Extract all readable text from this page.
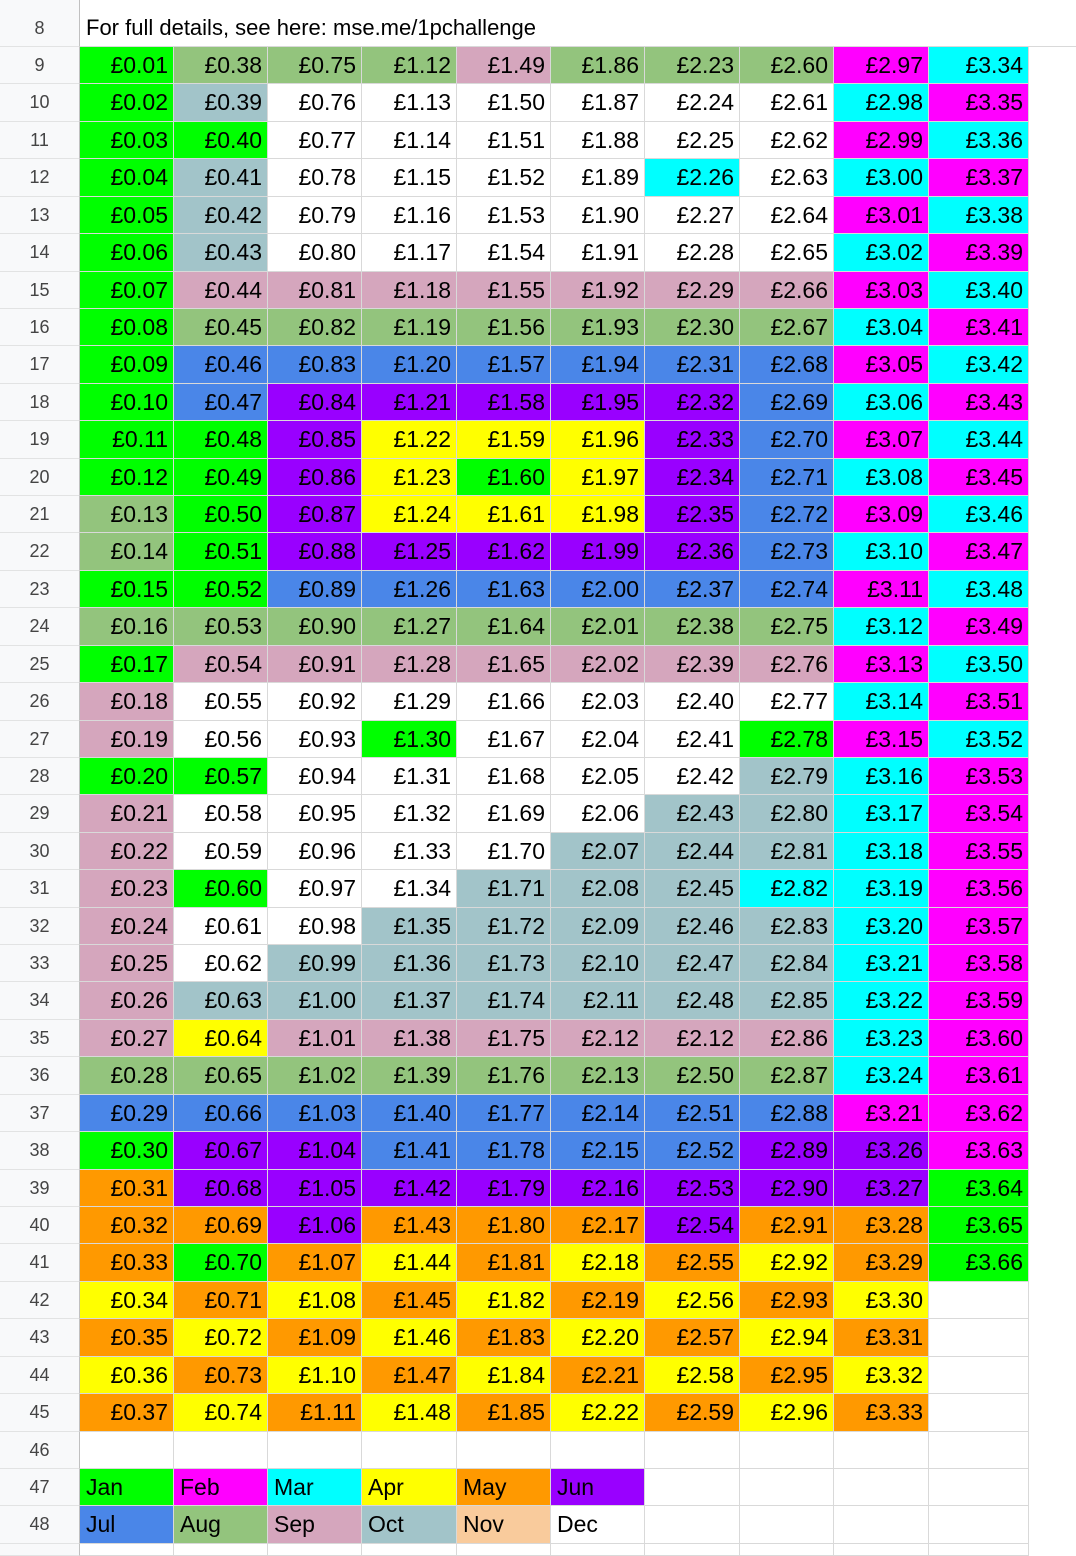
8	For full details, see here: mse.me/1pchallenge
9	£0.01	£0.38	£0.75	£1.12	£1.49	£1.86	£2.23	£2.60	£2.97	£3.34
10	£0.02	£0.39	£0.76	£1.13	£1.50	£1.87	£2.24	£2.61	£2.98	£3.35
11	£0.03	£0.40	£0.77	£1.14	£1.51	£1.88	£2.25	£2.62	£2.99	£3.36
12	£0.04	£0.41	£0.78	£1.15	£1.52	£1.89	£2.26	£2.63	£3.00	£3.37
13	£0.05	£0.42	£0.79	£1.16	£1.53	£1.90	£2.27	£2.64	£3.01	£3.38
14	£0.06	£0.43	£0.80	£1.17	£1.54	£1.91	£2.28	£2.65	£3.02	£3.39
15	£0.07	£0.44	£0.81	£1.18	£1.55	£1.92	£2.29	£2.66	£3.03	£3.40
16	£0.08	£0.45	£0.82	£1.19	£1.56	£1.93	£2.30	£2.67	£3.04	£3.41
17	£0.09	£0.46	£0.83	£1.20	£1.57	£1.94	£2.31	£2.68	£3.05	£3.42
18	£0.10	£0.47	£0.84	£1.21	£1.58	£1.95	£2.32	£2.69	£3.06	£3.43
19	£0.11	£0.48	£0.85	£1.22	£1.59	£1.96	£2.33	£2.70	£3.07	£3.44
20	£0.12	£0.49	£0.86	£1.23	£1.60	£1.97	£2.34	£2.71	£3.08	£3.45
21	£0.13	£0.50	£0.87	£1.24	£1.61	£1.98	£2.35	£2.72	£3.09	£3.46
22	£0.14	£0.51	£0.88	£1.25	£1.62	£1.99	£2.36	£2.73	£3.10	£3.47
23	£0.15	£0.52	£0.89	£1.26	£1.63	£2.00	£2.37	£2.74	£3.11	£3.48
24	£0.16	£0.53	£0.90	£1.27	£1.64	£2.01	£2.38	£2.75	£3.12	£3.49
25	£0.17	£0.54	£0.91	£1.28	£1.65	£2.02	£2.39	£2.76	£3.13	£3.50
26	£0.18	£0.55	£0.92	£1.29	£1.66	£2.03	£2.40	£2.77	£3.14	£3.51
27	£0.19	£0.56	£0.93	£1.30	£1.67	£2.04	£2.41	£2.78	£3.15	£3.52
28	£0.20	£0.57	£0.94	£1.31	£1.68	£2.05	£2.42	£2.79	£3.16	£3.53
29	£0.21	£0.58	£0.95	£1.32	£1.69	£2.06	£2.43	£2.80	£3.17	£3.54
30	£0.22	£0.59	£0.96	£1.33	£1.70	£2.07	£2.44	£2.81	£3.18	£3.55
31	£0.23	£0.60	£0.97	£1.34	£1.71	£2.08	£2.45	£2.82	£3.19	£3.56
32	£0.24	£0.61	£0.98	£1.35	£1.72	£2.09	£2.46	£2.83	£3.20	£3.57
33	£0.25	£0.62	£0.99	£1.36	£1.73	£2.10	£2.47	£2.84	£3.21	£3.58
34	£0.26	£0.63	£1.00	£1.37	£1.74	£2.11	£2.48	£2.85	£3.22	£3.59
35	£0.27	£0.64	£1.01	£1.38	£1.75	£2.12	£2.12	£2.86	£3.23	£3.60
36	£0.28	£0.65	£1.02	£1.39	£1.76	£2.13	£2.50	£2.87	£3.24	£3.61
37	£0.29	£0.66	£1.03	£1.40	£1.77	£2.14	£2.51	£2.88	£3.21	£3.62
38	£0.30	£0.67	£1.04	£1.41	£1.78	£2.15	£2.52	£2.89	£3.26	£3.63
39	£0.31	£0.68	£1.05	£1.42	£1.79	£2.16	£2.53	£2.90	£3.27	£3.64
40	£0.32	£0.69	£1.06	£1.43	£1.80	£2.17	£2.54	£2.91	£3.28	£3.65
41	£0.33	£0.70	£1.07	£1.44	£1.81	£2.18	£2.55	£2.92	£3.29	£3.66
42	£0.34	£0.71	£1.08	£1.45	£1.82	£2.19	£2.56	£2.93	£3.30
43	£0.35	£0.72	£1.09	£1.46	£1.83	£2.20	£2.57	£2.94	£3.31
44	£0.36	£0.73	£1.10	£1.47	£1.84	£2.21	£2.58	£2.95	£3.32
45	£0.37	£0.74	£1.11	£1.48	£1.85	£2.22	£2.59	£2.96	£3.33
46
47	Jan	Feb	Mar	Apr	May	Jun
48	Jul	Aug	Sep	Oct	Nov	Dec
